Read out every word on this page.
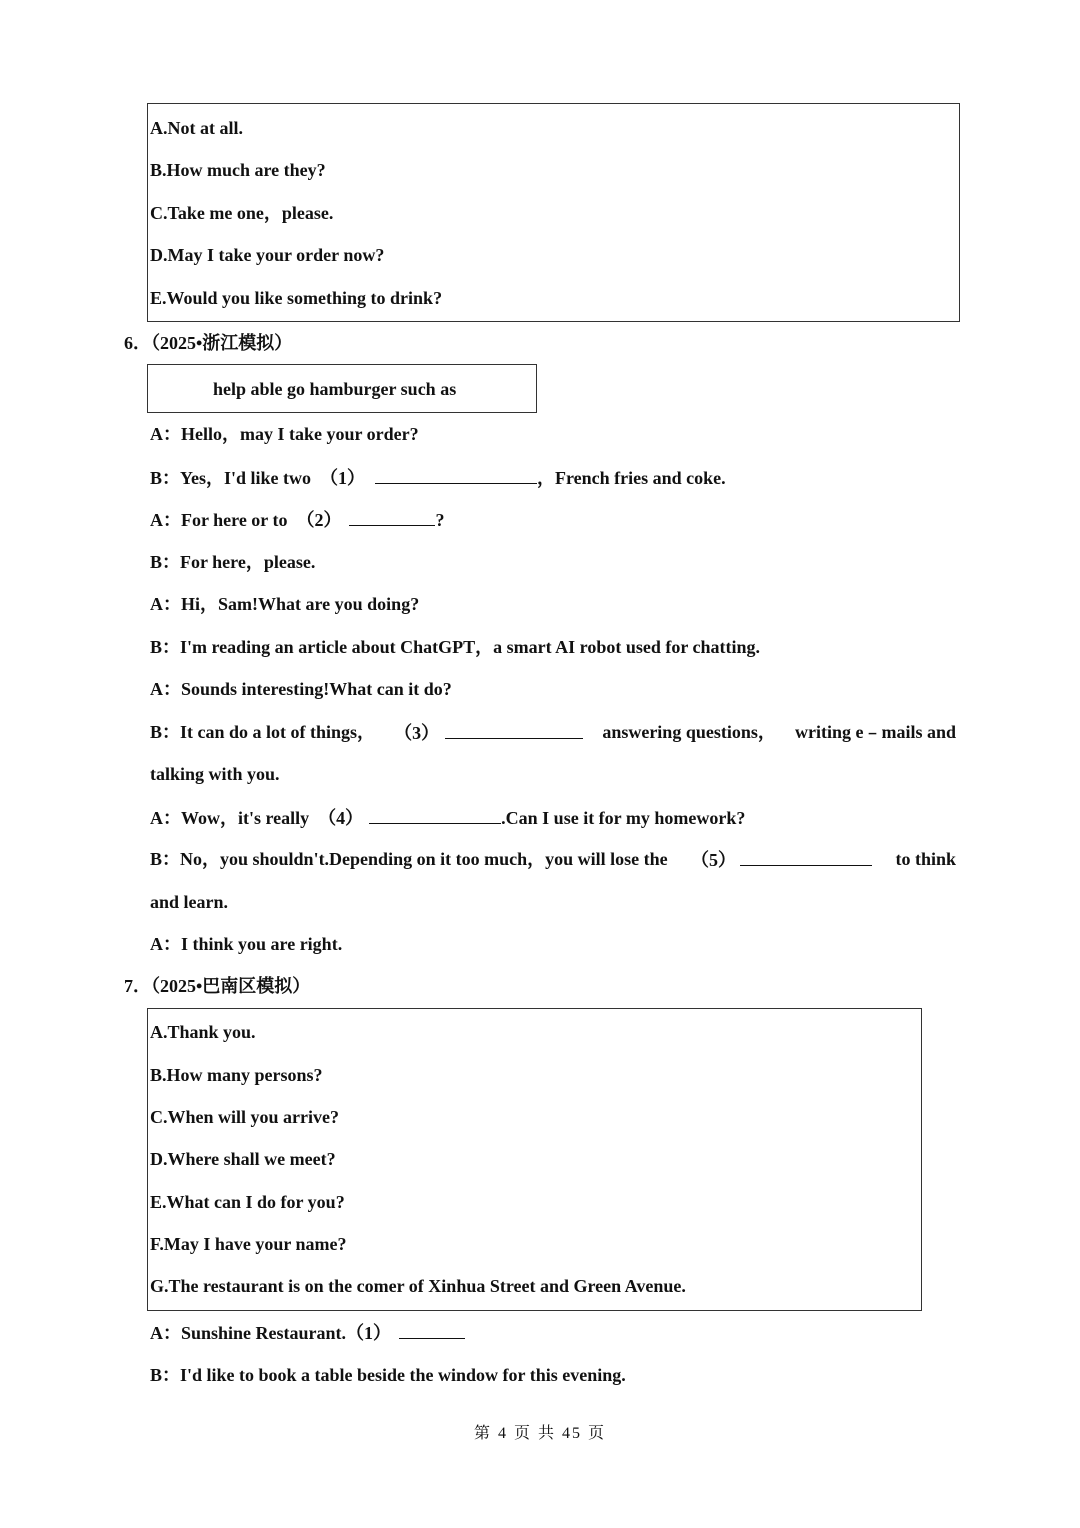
A.Not at all.
B.How much are they?
C.Take me one，please.
D.May I take your order now?
E.Would you like something to drink?
6．（2025•浙江模拟）
help able go hamburger such as
A：Hello，may I take your order?
B：Yes，I'd like two　（1）	，French fries and coke.
A：For here or to　（2）	?
B：For here，please.
A：Hi，Sam!What are you doing?
B：I'm reading an article about ChatGPT，a smart AI robot used for chatting.
A：Sounds interesting!What can it do?
B：It can do a lot of things， （3）	answering questions， writing e﹣mails and
talking with you.
A：Wow，it's really　（4）	.Can I use it for my homework?
B：No，you shouldn't.Depending on it too much，you will lose the （5）	to think
and learn.
A：I think you are right.
7．（2025•巴南区模拟）
A.Thank you.
B.How many persons?
C.When will you arrive?
D.Where shall we meet?
E.What can I do for you?
F.May I have your name?
G.The restaurant is on the comer of Xinhua Street and Green Avenue.
A：Sunshine Restaurant.（1）
B：I'd like to book a table beside the window for this evening.
第 4 页 共 45 页
